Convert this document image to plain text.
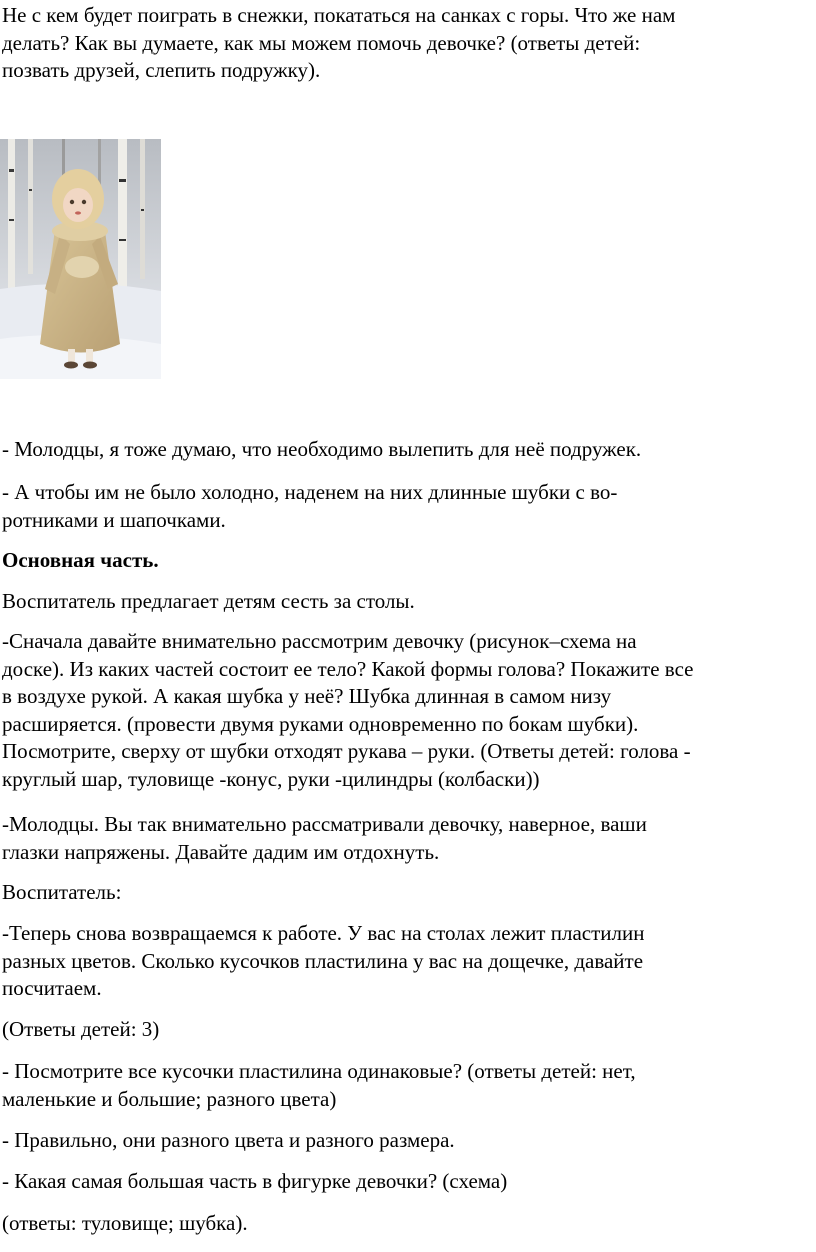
Не с кем будет поиграть в снежки, покататься на санках с горы. Что же нам
делать? Как вы думаете, как мы можем помочь девочке? (ответы детей:
позвать друзей, слепить подружку).

- Молодцы, я тоже думаю, что необходимо вылепить для неё подружек.

- А чтобы им не было холодно, наденем на них длинные шубки с во-
ротниками и шапочками.

Основная часть.

Воспитатель предлагает детям сесть за столы.

-Сначала давайте внимательно рассмотрим девочку (рисунок–схема на
доске). Из каких частей состоит ее тело? Какой формы голова? Покажите все
в воздухе рукой. А какая шубка у неё? Шубка длинная в самом низу
расширяется. (провести двумя руками одновременно по бокам шубки).
Посмотрите, сверху от шубки отходят рукава – руки. (Ответы детей: голова -
круглый шар, туловище -конус, руки -цилиндры (колбаски))

-Молодцы. Вы так внимательно рассматривали девочку, наверное, ваши
глазки напряжены. Давайте дадим им отдохнуть.

Воспитатель:

-Теперь снова возвращаемся к работе. У вас на столах лежит пластилин
разных цветов. Сколько кусочков пластилина у вас на дощечке, давайте
посчитаем.

(Ответы детей: 3)

- Посмотрите все кусочки пластилина одинаковые? (ответы детей: нет,
маленькие и большие; разного цвета)

- Правильно, они разного цвета и разного размера.

- Какая самая большая часть в фигурке девочки? (схема)

(ответы: туловище; шубка).
